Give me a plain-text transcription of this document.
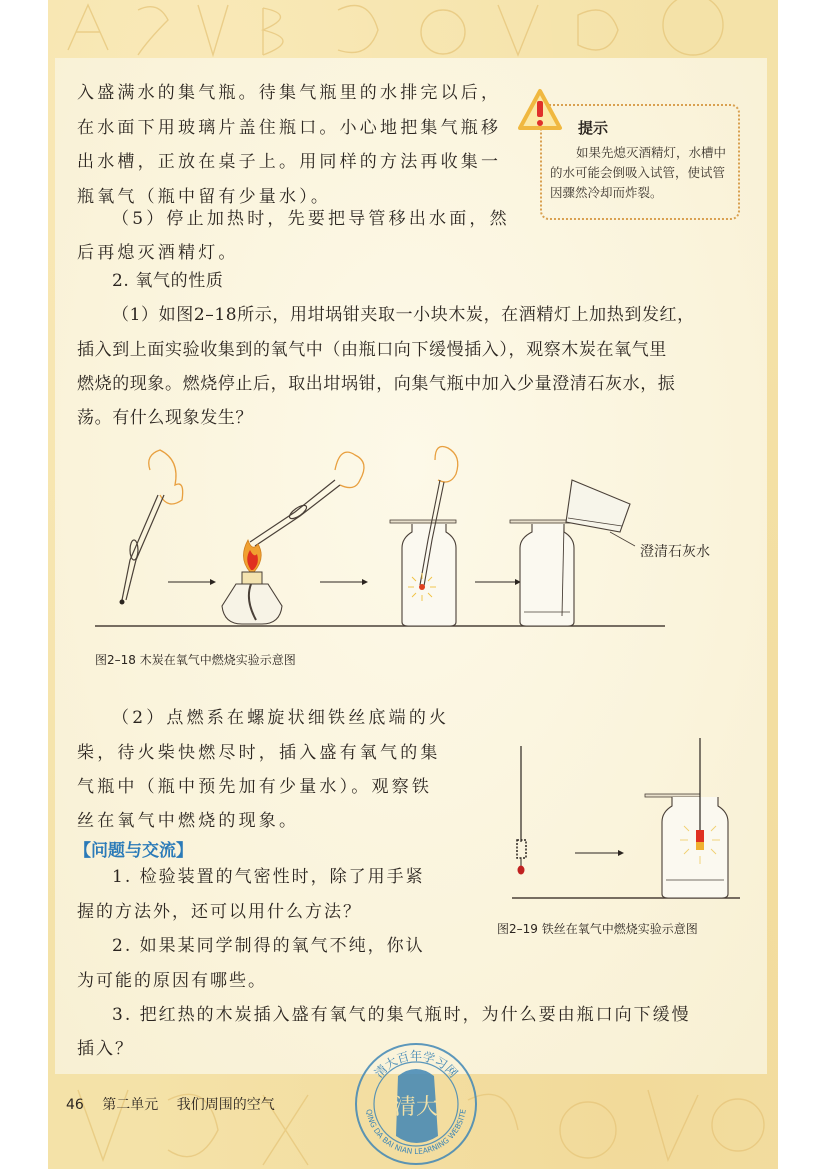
入盛满水的集气瓶。待集气瓶里的水排完以后，
在水面下用玻璃片盖住瓶口。小心地把集气瓶移
出水槽，正放在桌子上。用同样的方法再收集一
瓶氧气（瓶中留有少量水）。
（5）停止加热时，先要把导管移出水面，然
后再熄灭酒精灯。
提示
如果先熄灭酒精灯，水槽中的水可能会倒吸入试管，使试管因骤然冷却而炸裂。
2. 氧气的性质
（1）如图2–18所示，用坩埚钳夹取一小块木炭，在酒精灯上加热到发红，
插入到上面实验收集到的氧气中（由瓶口向下缓慢插入），观察木炭在氧气里
燃烧的现象。燃烧停止后，取出坩埚钳，向集气瓶中加入少量澄清石灰水，振
荡。有什么现象发生？
澄清石灰水
图2–18 木炭在氧气中燃烧实验示意图
（2）点燃系在螺旋状细铁丝底端的火
柴，待火柴快燃尽时，插入盛有氧气的集
气瓶中（瓶中预先加有少量水）。观察铁
丝在氧气中燃烧的现象。
【问题与交流】
图2–19 铁丝在氧气中燃烧实验示意图
1. 检验装置的气密性时，除了用手紧
握的方法外，还可以用什么方法？
2. 如果某同学制得的氧气不纯，你认
为可能的原因有哪些。
3. 把红热的木炭插入盛有氧气的集气瓶时，为什么要由瓶口向下缓慢
插入？
清大
清大百年学习网
QING DA BAI NIAN LEARNING WEBSITE
46 第二单元 我们周围的空气
